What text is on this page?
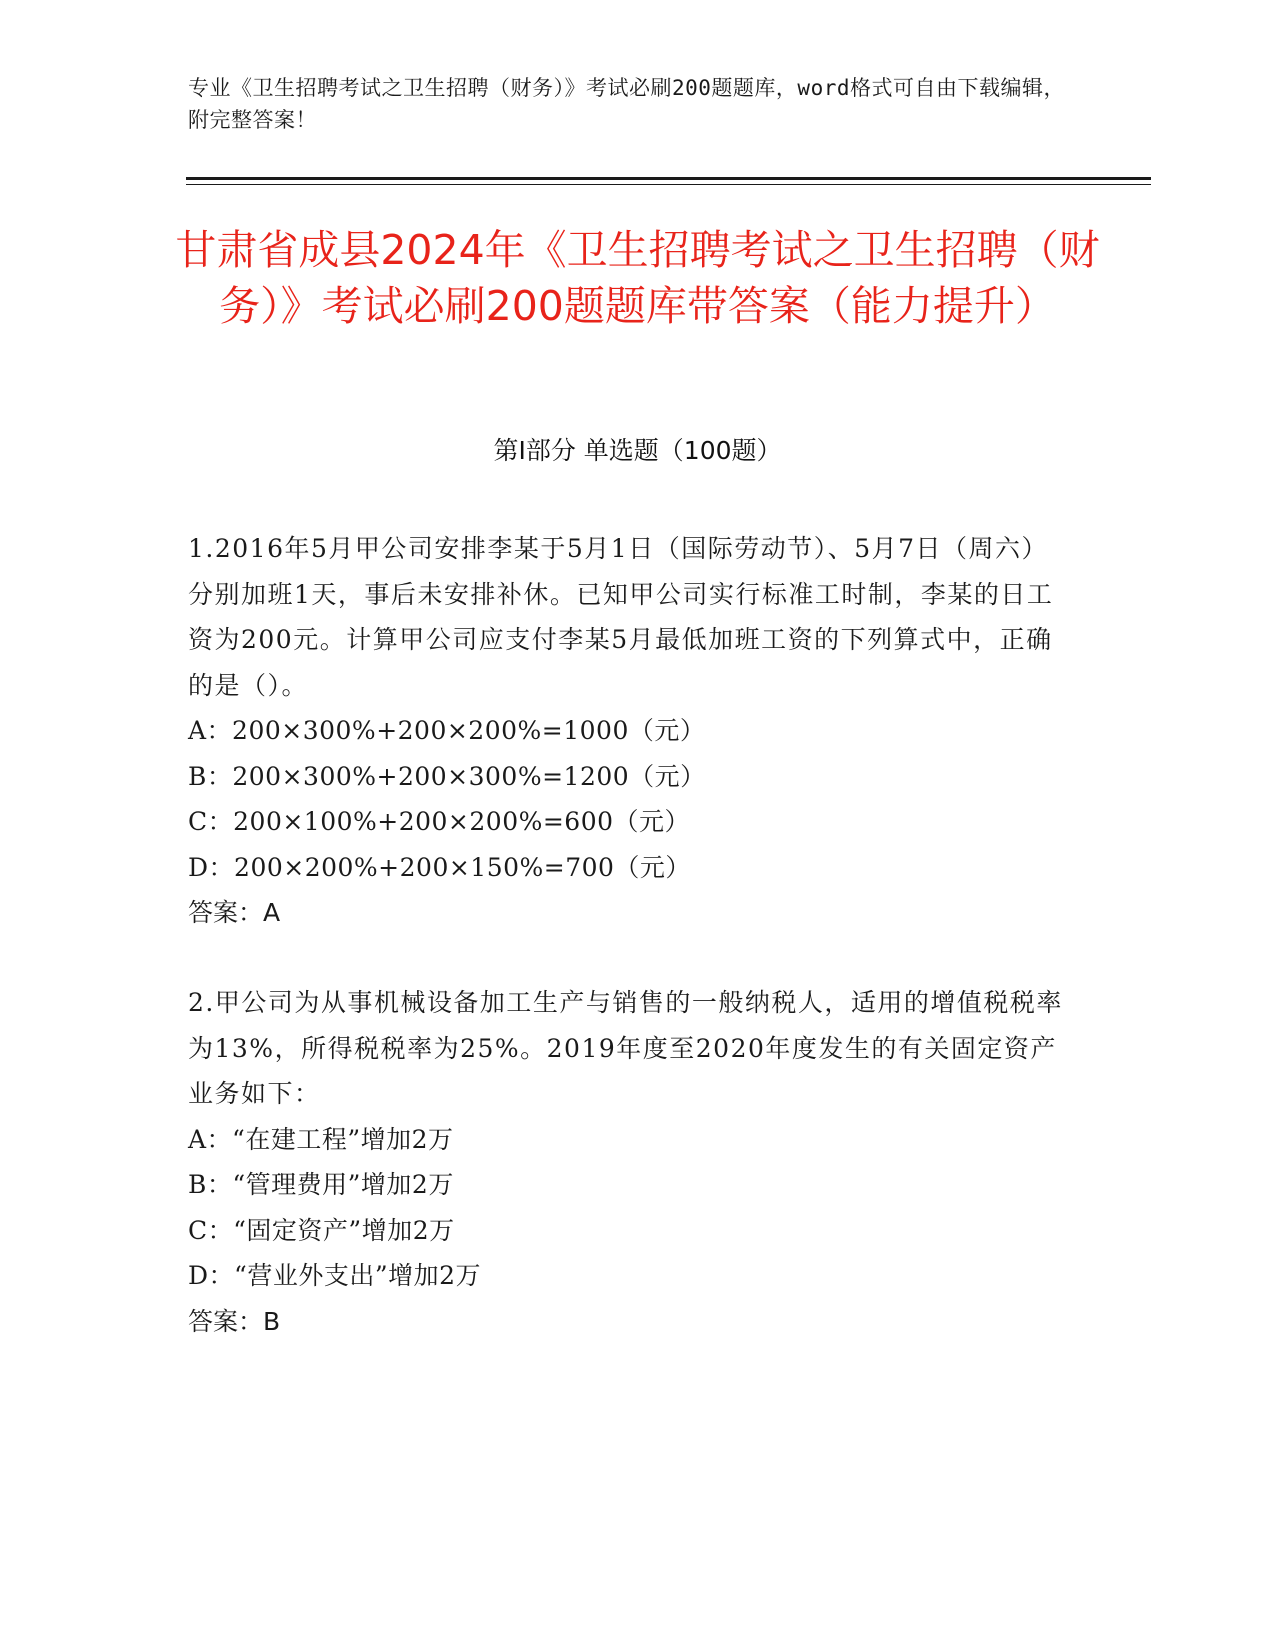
专业《卫生招聘考试之卫生招聘（财务）》考试必刷200题题库，word格式可自由下载编辑，附完整答案！
甘肃省成县2024年《卫生招聘考试之卫生招聘（财务）》考试必刷200题题库带答案（能力提升）
第Ⅰ部分 单选题（100题）

1.2016年5月甲公司安排李某于5月1日（国际劳动节）、5月7日（周六）分别加班1天，事后未安排补休。已知甲公司实行标准工时制，李某的日工资为200元。计算甲公司应支付李某5月最低加班工资的下列算式中，正确的是（）。

A：200×300%+200×200%=1000（元）

B：200×300%+200×300%=1200（元）

C：200×100%+200×200%=600（元）

D：200×200%+200×150%=700（元）

答案：A

2.甲公司为从事机械设备加工生产与销售的一般纳税人，适用的增值税税率为13%，所得税税率为25%。2019年度至2020年度发生的有关固定资产业务如下：

A：“在建工程”增加2万

B：“管理费用”增加2万

C：“固定资产”增加2万

D：“营业外支出”增加2万

答案：B
